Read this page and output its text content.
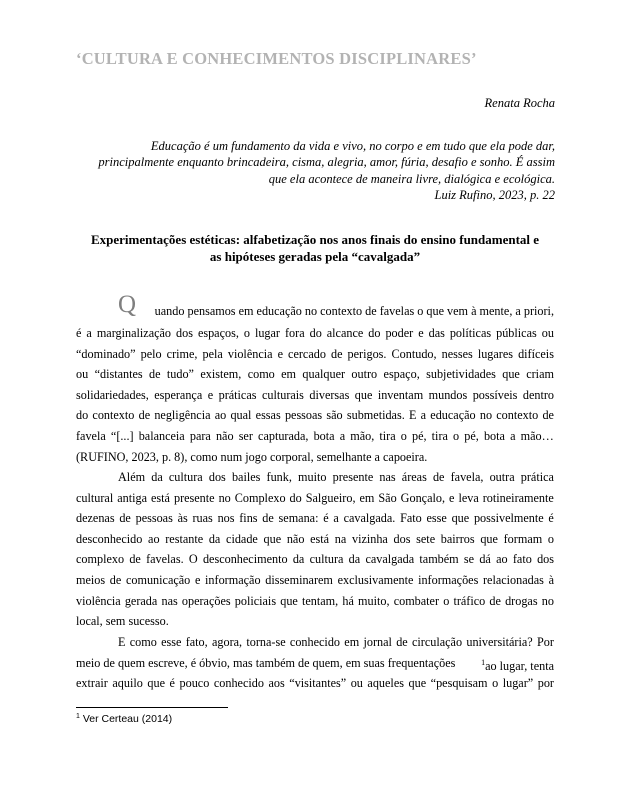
‘CULTURA E CONHECIMENTOS DISCIPLINARES’
Renata Rocha
Educação é um fundamento da vida e vivo, no corpo e em tudo que ela pode dar,
principalmente enquanto brincadeira, cisma, alegria, amor, fúria, desafio e sonho. É assim
que ela acontece de maneira livre, dialógica e ecológica.
Luiz Rufino, 2023, p. 22
Experimentações estéticas: alfabetização nos anos finais do ensino fundamental e
as hipóteses geradas pela “cavalgada”
Q uando pensamos em educação no contexto de favelas o que vem à mente, a priori,
é a marginalização dos espaços, o lugar fora do alcance do poder e das políticas públicas ou
“dominado” pelo crime, pela violência e cercado de perigos. Contudo, nesses lugares difíceis
ou “distantes de tudo” existem, como em qualquer outro espaço, subjetividades que criam
solidariedades, esperança e práticas culturais diversas que inventam mundos possíveis dentro
do contexto de negligência ao qual essas pessoas são submetidas. E a educação no contexto de
favela “[...] balanceia para não ser capturada, bota a mão, tira o pé, tira o pé, bota a mão…
(RUFINO, 2023, p. 8), como num jogo corporal, semelhante a capoeira.
Além da cultura dos bailes funk, muito presente nas áreas de favela, outra prática
cultural antiga está presente no Complexo do Salgueiro, em São Gonçalo, e leva rotineiramente
dezenas de pessoas às ruas nos fins de semana: é a cavalgada. Fato esse que possivelmente é
desconhecido ao restante da cidade que não está na vizinha dos sete bairros que formam o
complexo de favelas. O desconhecimento da cultura da cavalgada também se dá ao fato dos
meios de comunicação e informação disseminarem exclusivamente informações relacionadas à
violência gerada nas operações policiais que tentam, há muito, combater o tráfico de drogas no
local, sem sucesso.
E como esse fato, agora, torna-se conhecido em jornal de circulação universitária? Por
meio de quem escreve, é óbvio, mas também de quem, em suas frequentações	$^1$ao lugar, tenta
extrair aquilo que é pouco conhecido aos “visitantes” ou aqueles que “pesquisam o lugar” por
$^1$ Ver Certeau (2014)
